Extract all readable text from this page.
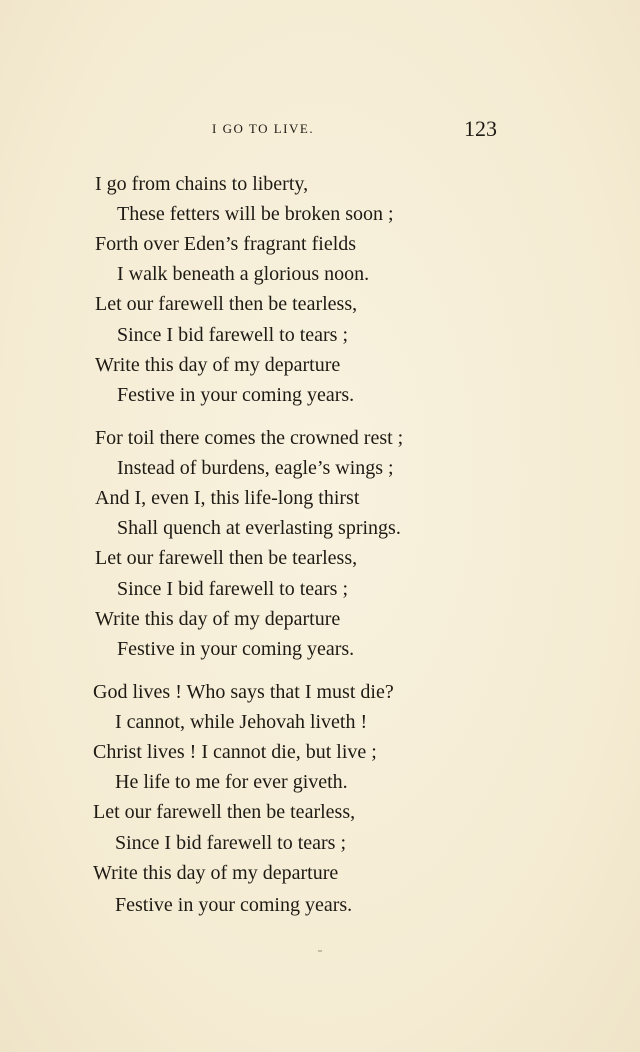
I GO TO LIVE.	123
I go from chains to liberty,
These fetters will be broken soon ;
Forth over Eden’s fragrant fields
I walk beneath a glorious noon.
Let our farewell then be tearless,
Since I bid farewell to tears ;
Write this day of my departure
Festive in your coming years.
For toil there comes the crowned rest ;
Instead of burdens, eagle’s wings ;
And I, even I, this life-long thirst
Shall quench at everlasting springs.
Let our farewell then be tearless,
Since I bid farewell to tears ;
Write this day of my departure
Festive in your coming years.
God lives ! Who says that I must die?
I cannot, while Jehovah liveth !
Christ lives ! I cannot die, but live ;
He life to me for ever giveth.
Let our farewell then be tearless,
Since I bid farewell to tears ;
Write this day of my departure
Festive in your coming years.
